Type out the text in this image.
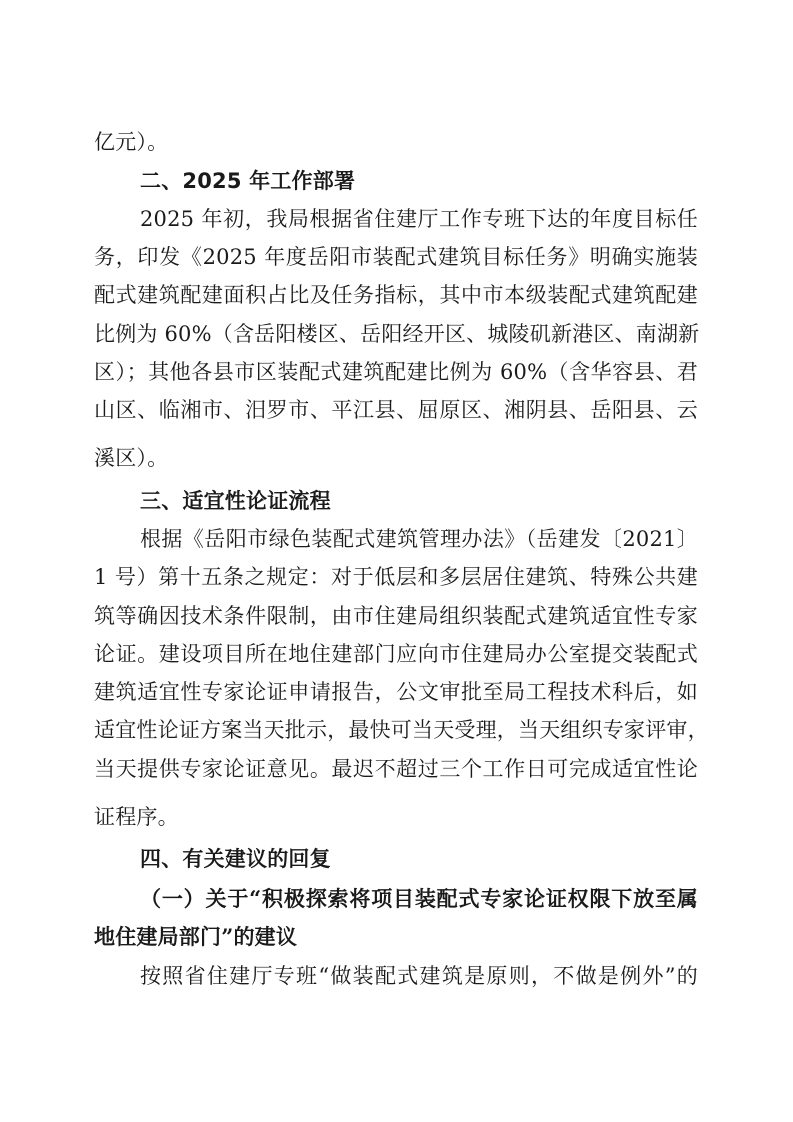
亿元）。
二、2025 年工作部署
2025 年初，我局根据省住建厅工作专班下达的年度目标任
务，印发《2025 年度岳阳市装配式建筑目标任务》明确实施装
配式建筑配建面积占比及任务指标，其中市本级装配式建筑配建
比例为 60%（含岳阳楼区、岳阳经开区、城陵矶新港区、南湖新
区）；其他各县市区装配式建筑配建比例为 60%（含华容县、君
山区、临湘市、汨罗市、平江县、屈原区、湘阴县、岳阳县、云
溪区）。
三、适宜性论证流程
根据《岳阳市绿色装配式建筑管理办法》（岳建发〔2021〕
1 号）第十五条之规定：对于低层和多层居住建筑、特殊公共建
筑等确因技术条件限制，由市住建局组织装配式建筑适宜性专家
论证。建设项目所在地住建部门应向市住建局办公室提交装配式
建筑适宜性专家论证申请报告，公文审批至局工程技术科后，如
适宜性论证方案当天批示，最快可当天受理，当天组织专家评审，
当天提供专家论证意见。最迟不超过三个工作日可完成适宜性论
证程序。
四、有关建议的回复
（一）关于“积极探索将项目装配式专家论证权限下放至属
地住建局部门”的建议
按照省住建厅专班“做装配式建筑是原则，不做是例外”的
